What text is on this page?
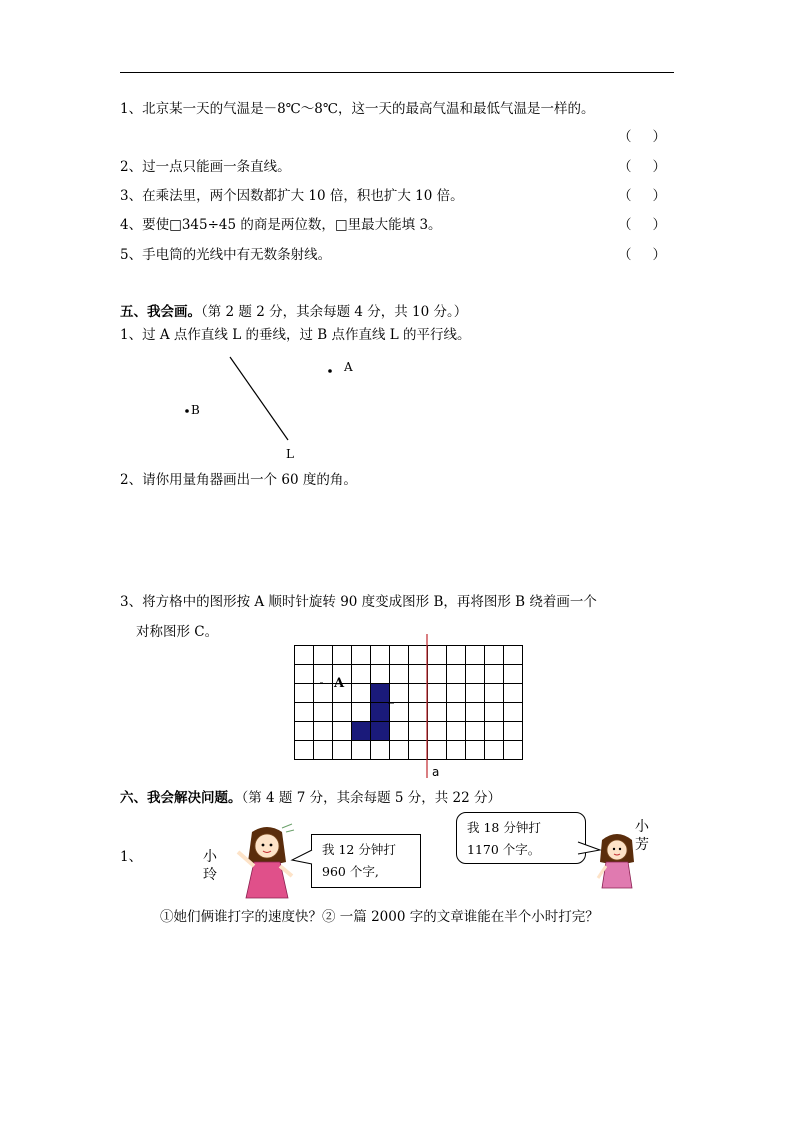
1、北京某一天的气温是－8℃～8℃，这一天的最高气温和最低气温是一样的。
（ ）
2、过一点只能画一条直线。	（ ）
3、在乘法里，两个因数都扩大 10 倍，积也扩大 10 倍。	（ ）
4、要使□345÷45 的商是两位数，□里最大能填 3。	（ ）
5、手电筒的光线中有无数条射线。	（ ）
五、我会画。（第 2 题 2 分，其余每题 4 分，共 10 分。）
1、过 A 点作直线 L 的垂线，过 B 点作直线 L 的平行线。
A
B
L
2、请你用量角器画出一个 60 度的角。
3、将方格中的图形按 A 顺时针旋转 90 度变成图形 B，再将图形 B 绕着画一个
对称图形 C。
A
a
六、我会解决问题。（第 4 题 7 分，其余每题 5 分，共 22 分）
1、	小玲
我 12 分钟打
960 个字,
我 18 分钟打
1170 个字。
小芳
①她们俩谁打字的速度快？② 一篇 2000 字的文章谁能在半个小时打完？
